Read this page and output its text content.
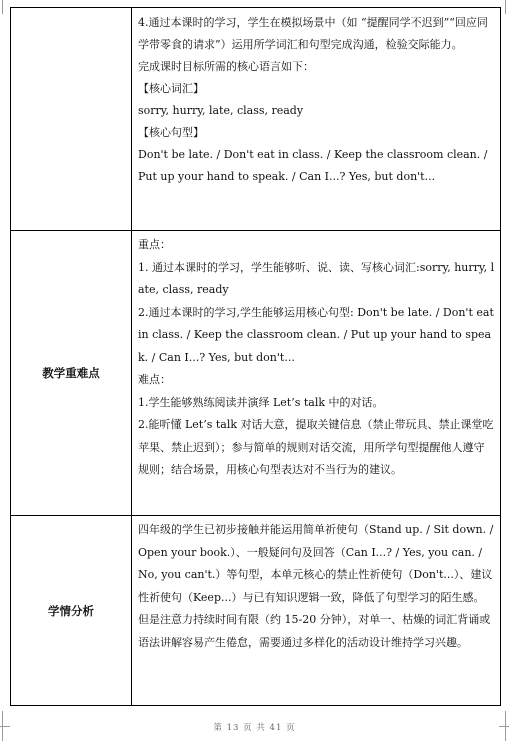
4.通过本课时的学习，学生在模拟场景中（如 “提醒同学不迟到”“回应同学带零食的请求”）运用所学词汇和句型完成沟通，检验交际能力。

完成课时目标所需的核心语言如下：

【核心词汇】

sorry, hurry, late, class, ready

【核心句型】

Don't be late. / Don't eat in class. / Keep the classroom clean. / Put up your hand to speak. / Can I...? Yes, but don't...

教学重难点

重点：

1. 通过本课时的学习，学生能够听、说、读、写核心词汇:sorry, hurry, late, class, ready

2.通过本课时的学习,学生能够运用核心句型: Don't be late. / Don't eat in class. / Keep the classroom clean. / Put up your hand to speak. / Can I...? Yes, but don't...

难点：

1.学生能够熟练阅读并演绎 Let’s talk 中的对话。

2.能听懂 Let’s talk 对话大意，提取关键信息（禁止带玩具、禁止课堂吃苹果、禁止迟到）；参与简单的规则对话交流，用所学句型提醒他人遵守规则；结合场景，用核心句型表达对不当行为的建议。

学情分析

四年级的学生已初步接触并能运用简单祈使句（Stand up. / Sit down. / Open your book.）、一般疑问句及回答（Can I...? / Yes, you can. / No, you can't.）等句型，本单元核心的禁止性祈使句（Don't...）、建议性祈使句（Keep...）与已有知识逻辑一致，降低了句型学习的陌生感。

但是注意力持续时间有限（约 15-20 分钟），对单一、枯燥的词汇背诵或语法讲解容易产生倦怠，需要通过多样化的活动设计维持学习兴趣。

第 13 页 共 41 页
